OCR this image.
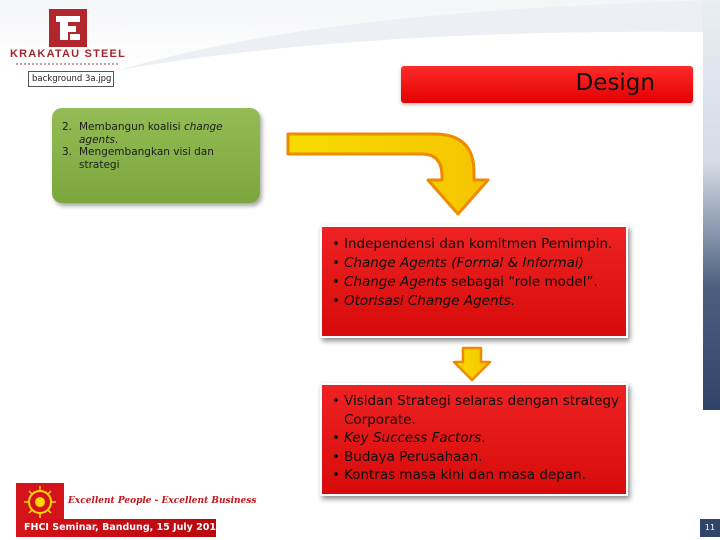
KRAKATAU STEEL
background 3a.jpg	Design
2. Membangun koalisi change agents.
3. Mengembangkan visi dan strategi
• Independensi dan komitmen Pemimpin.
• Change Agents (Formal & Informal)
• Change Agents sebagai “role model”.
• Otorisasi Change Agents.
• Visidan Strategi selaras dengan strategy Corporate.
• Key Success Factors.
• Budaya Perusahaan.
• Kontras masa kini dan masa depan.
Excellent People - Excellent Business
FHCI Seminar, Bandung, 15 July 2011	11
